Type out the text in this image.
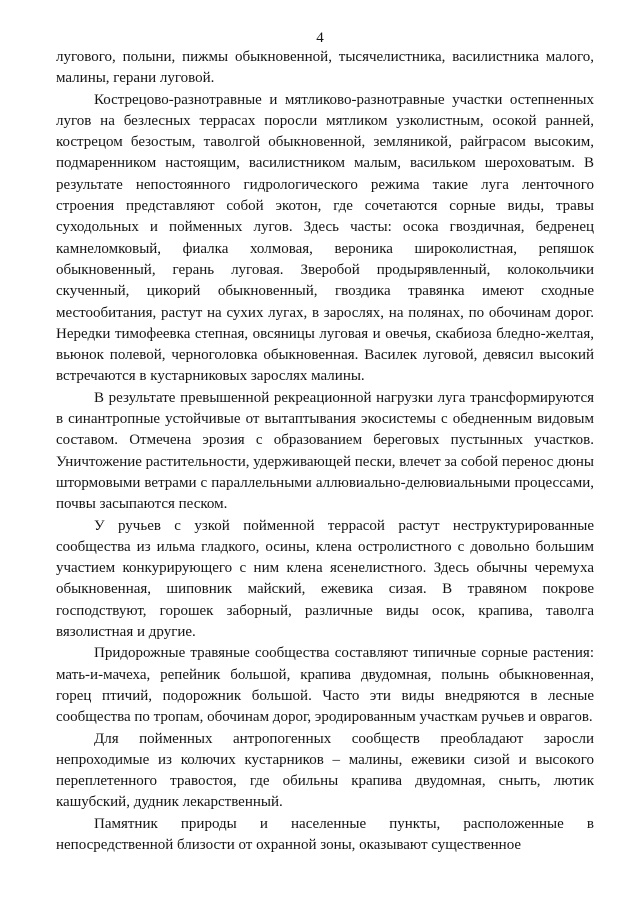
4

лугового, полыни, пижмы обыкновенной, тысячелистника, василистника малого, малины, герани луговой.

Кострецово-разнотравные и мятликово-разнотравные участки остепненных лугов на безлесных террасах поросли мятликом узколистным, осокой ранней, кострецом безостым, таволгой обыкновенной, земляникой, райграсом высоким, подмаренником настоящим, василистником малым, васильком шероховатым. В результате непостоянного гидрологического режима такие луга ленточного строения представляют собой экотон, где сочетаются сорные виды, травы суходольных и пойменных лугов. Здесь часты: осока гвоздичная, бедренец камнеломковый, фиалка холмовая, вероника широколистная, репяшок обыкновенный, герань луговая. Зверобой продырявленный, колокольчики скученный, цикорий обыкновенный, гвоздика травянка имеют сходные местообитания, растут на сухих лугах, в зарослях, на полянах, по обочинам дорог. Нередки тимофеевка степная, овсяницы луговая и овечья, скабиоза бледно-желтая, вьюнок полевой, черноголовка обыкновенная. Василек луговой, девясил высокий встречаются в кустарниковых зарослях малины.

В результате превышенной рекреационной нагрузки луга трансформируются в синантропные устойчивые от вытаптывания экосистемы с обедненным видовым составом. Отмечена эрозия с образованием береговых пустынных участков. Уничтожение растительности, удерживающей пески, влечет за собой перенос дюны штормовыми ветрами с параллельными аллювиально-делювиальными процессами, почвы засыпаются песком.

У ручьев с узкой пойменной террасой растут неструктурированные сообщества из ильма гладкого, осины, клена остролистного с довольно большим участием конкурирующего с ним клена ясенелистного. Здесь обычны черемуха обыкновенная, шиповник майский, ежевика сизая. В травяном покрове господствуют, горошек заборный, различные виды осок, крапива, таволга вязолистная и другие.

Придорожные травяные сообщества составляют типичные сорные растения: мать-и-мачеха, репейник большой, крапива двудомная, полынь обыкновенная, горец птичий, подорожник большой. Часто эти виды внедряются в лесные сообщества по тропам, обочинам дорог, эродированным участкам ручьев и оврагов.

Для пойменных антропогенных сообществ преобладают заросли непроходимые из колючих кустарников – малины, ежевики сизой и высокого переплетенного травостоя, где обильны крапива двудомная, сныть, лютик кашубский, дудник лекарственный.

Памятник природы и населенные пункты, расположенные в непосредственной близости от охранной зоны, оказывают существенное
